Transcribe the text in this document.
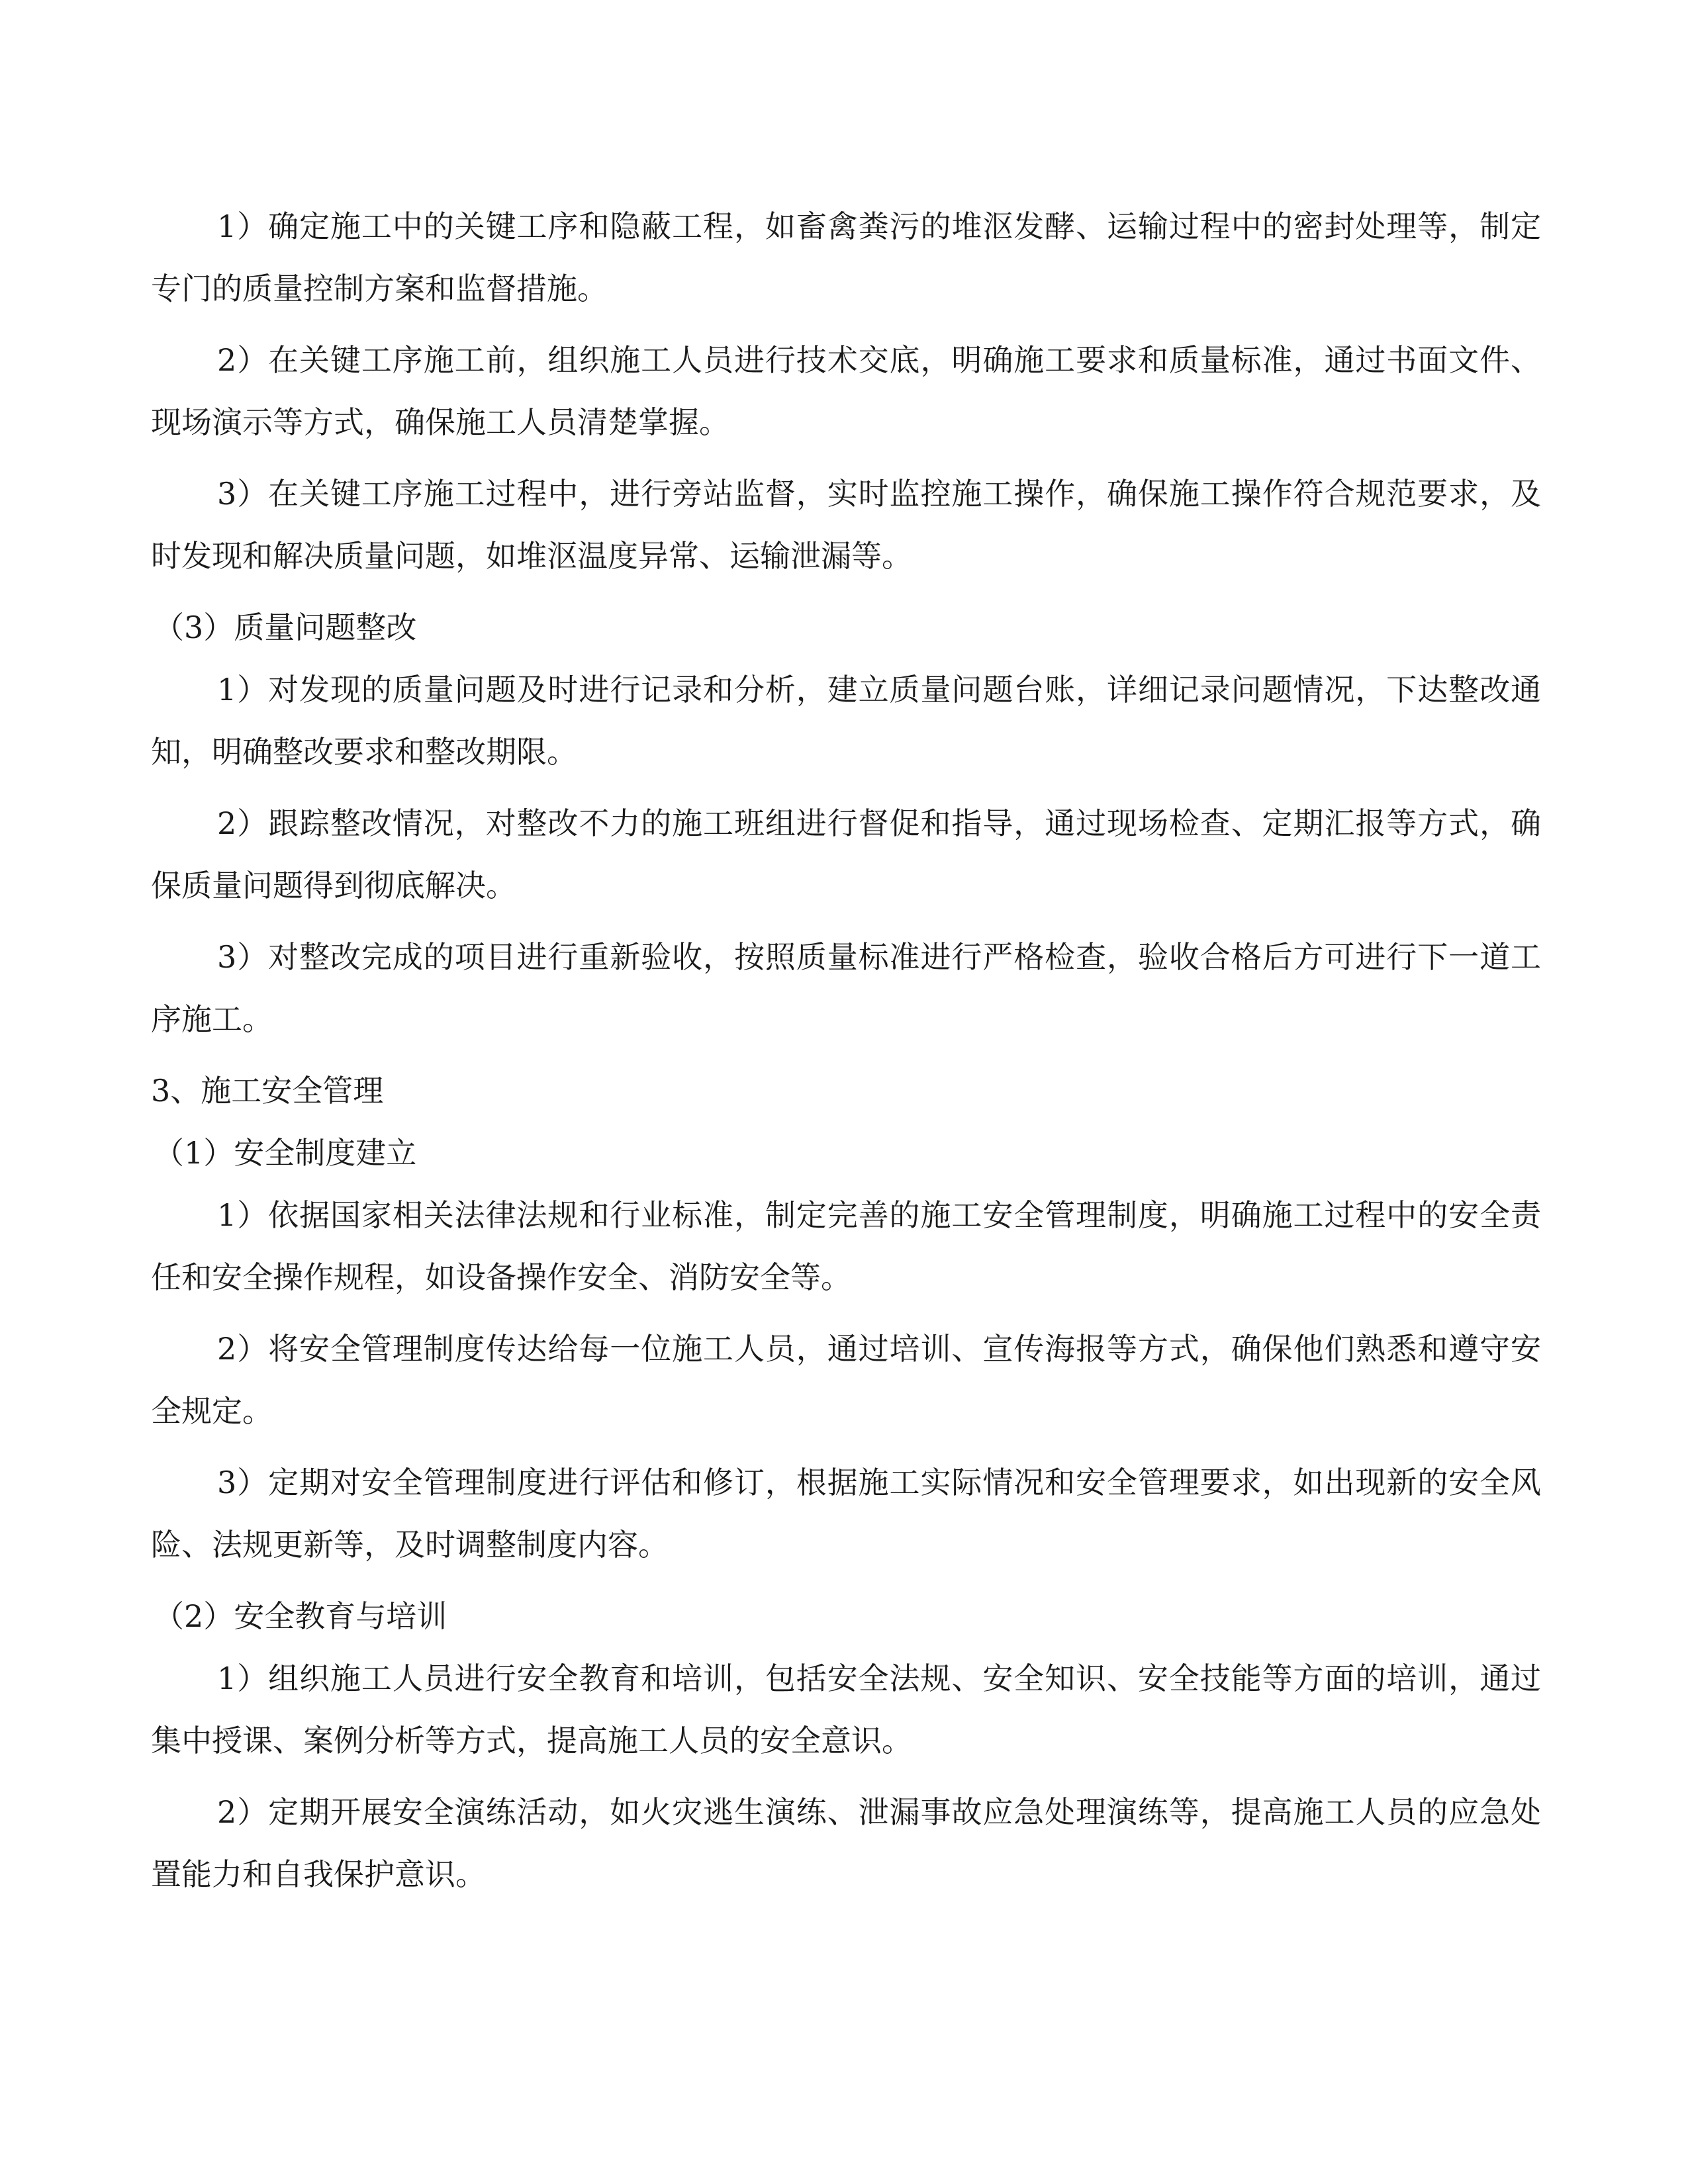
1）确定施工中的关键工序和隐蔽工程，如畜禽粪污的堆沤发酵、运输过程中的密封处理等，制定专门的质量控制方案和监督措施。

2）在关键工序施工前，组织施工人员进行技术交底，明确施工要求和质量标准，通过书面文件、现场演示等方式，确保施工人员清楚掌握。

3）在关键工序施工过程中，进行旁站监督，实时监控施工操作，确保施工操作符合规范要求，及时发现和解决质量问题，如堆沤温度异常、运输泄漏等。

（3）质量问题整改

1）对发现的质量问题及时进行记录和分析，建立质量问题台账，详细记录问题情况，下达整改通知，明确整改要求和整改期限。

2）跟踪整改情况，对整改不力的施工班组进行督促和指导，通过现场检查、定期汇报等方式，确保质量问题得到彻底解决。

3）对整改完成的项目进行重新验收，按照质量标准进行严格检查，验收合格后方可进行下一道工序施工。

3、施工安全管理
（1）安全制度建立

1）依据国家相关法律法规和行业标准，制定完善的施工安全管理制度，明确施工过程中的安全责任和安全操作规程，如设备操作安全、消防安全等。

2）将安全管理制度传达给每一位施工人员，通过培训、宣传海报等方式，确保他们熟悉和遵守安全规定。

3）定期对安全管理制度进行评估和修订，根据施工实际情况和安全管理要求，如出现新的安全风险、法规更新等，及时调整制度内容。

（2）安全教育与培训

1）组织施工人员进行安全教育和培训，包括安全法规、安全知识、安全技能等方面的培训，通过集中授课、案例分析等方式，提高施工人员的安全意识。

2）定期开展安全演练活动，如火灾逃生演练、泄漏事故应急处理演练等，提高施工人员的应急处置能力和自我保护意识。
